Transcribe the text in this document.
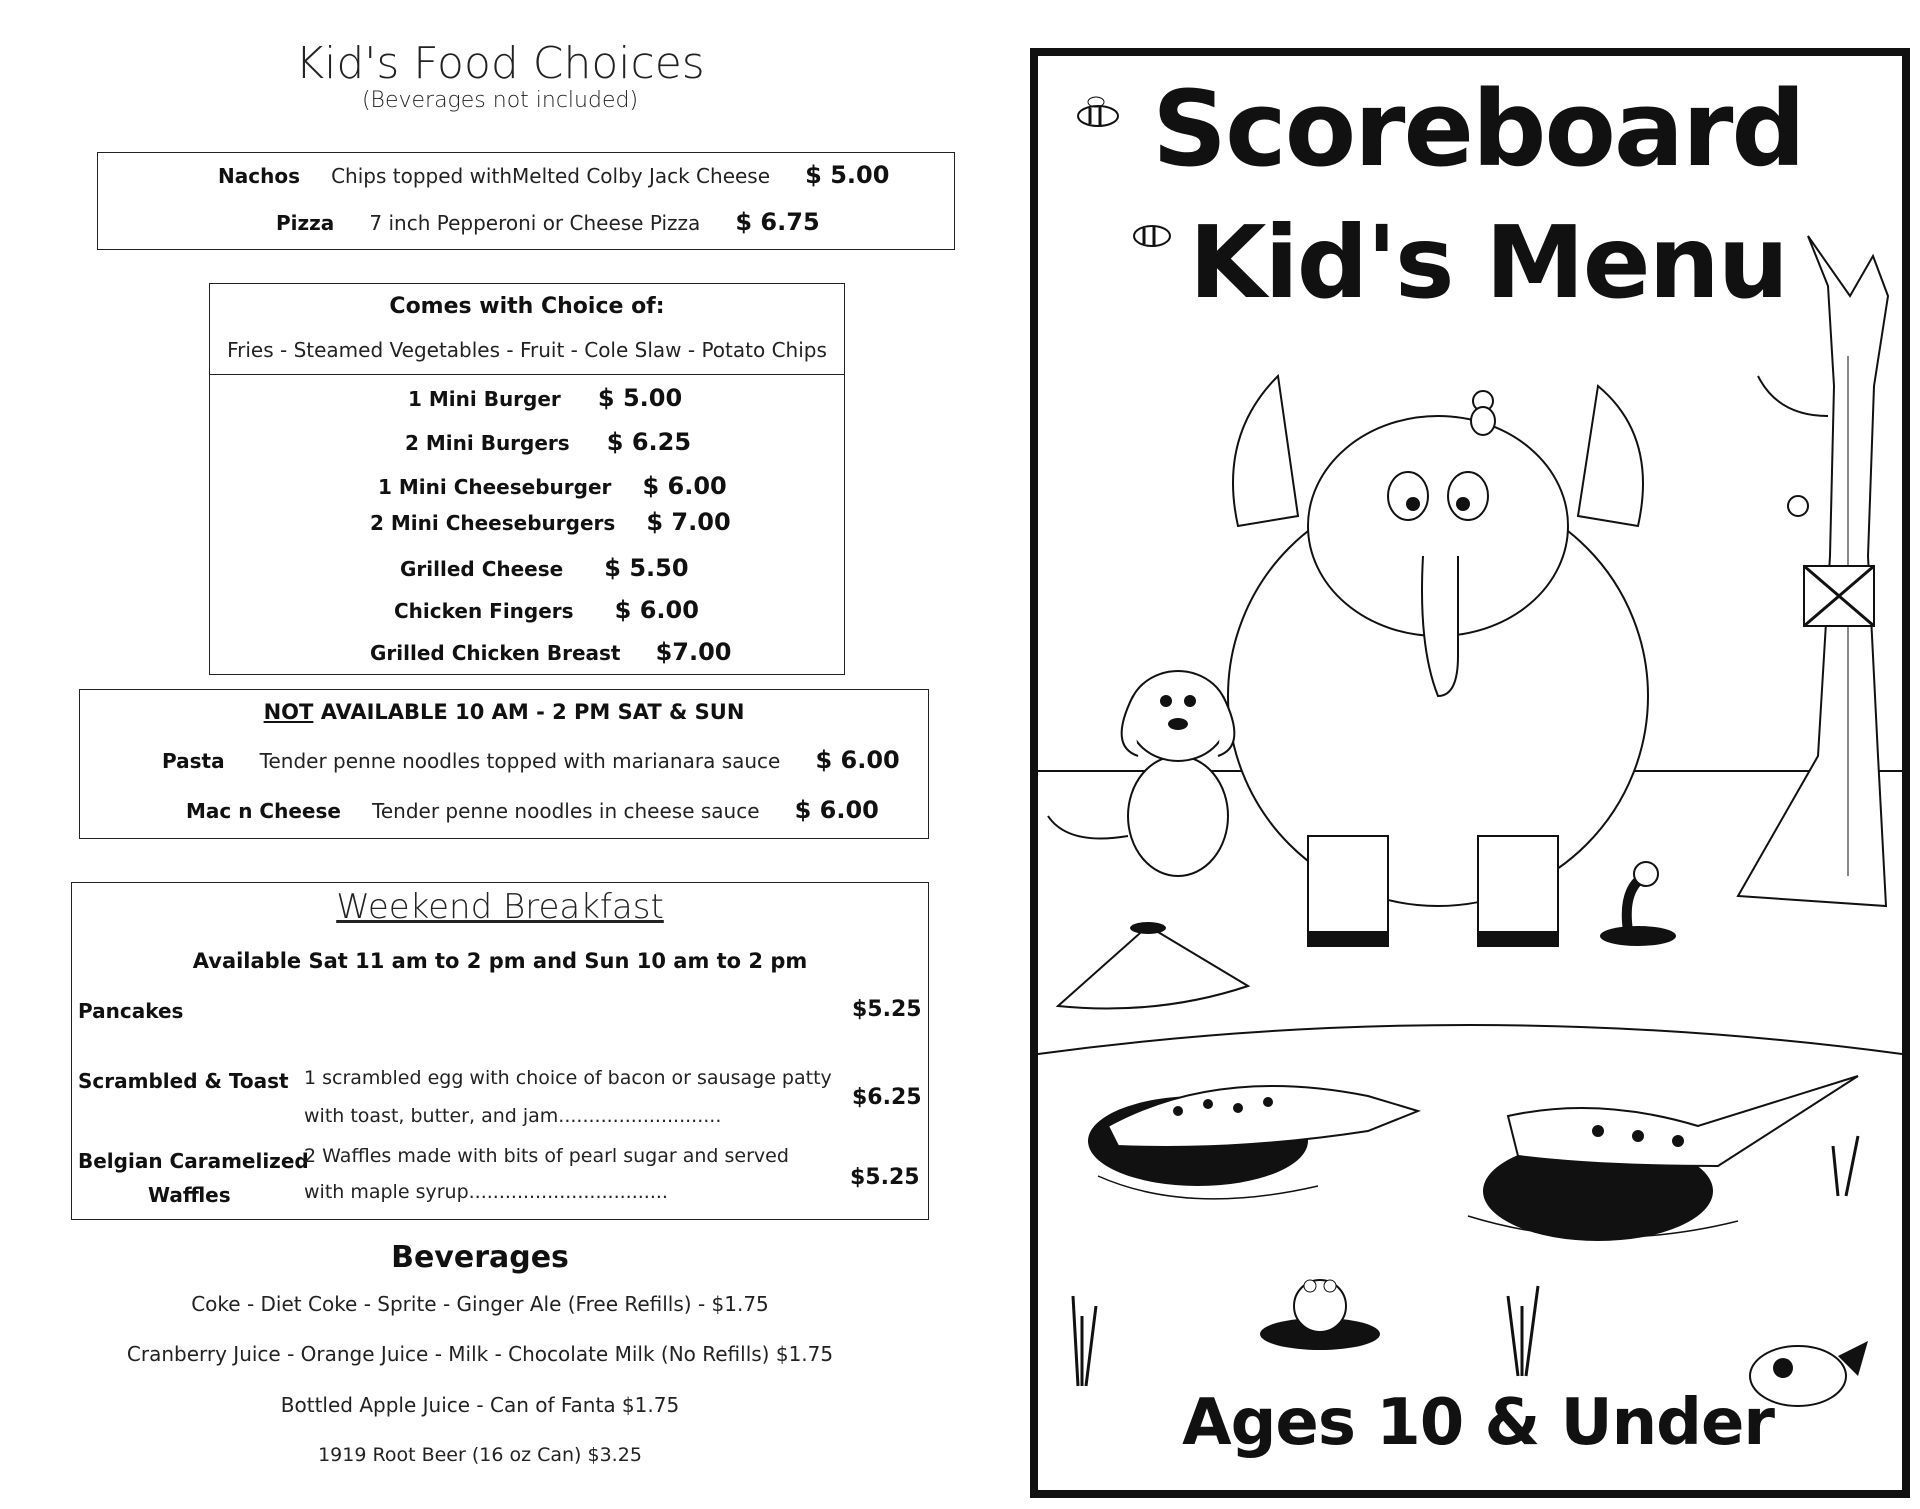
Kid's Food Choices
(Beverages not included)
Nachos Chips topped withMelted Colby Jack Cheese $ 5.00
Pizza 7 inch Pepperoni or Cheese Pizza $ 6.75
Comes with Choice of:
Fries - Steamed Vegetables - Fruit - Cole Slaw - Potato Chips
1 Mini Burger $ 5.00
2 Mini Burgers $ 6.25
1 Mini Cheeseburger $ 6.00
2 Mini Cheeseburgers $ 7.00
Grilled Cheese $ 5.50
Chicken Fingers $ 6.00
Grilled Chicken Breast $7.00
NOT AVAILABLE 10 AM - 2 PM SAT & SUN
Pasta Tender penne noodles topped with marianara sauce $ 6.00
Mac n Cheese Tender penne noodles in cheese sauce $ 6.00
Weekend Breakfast
Available Sat 11 am to 2 pm and Sun 10 am to 2 pm
Pancakes	$5.25
Scrambled & Toast 1 scrambled egg with choice of bacon or sausage patty
with toast, butter, and jam...........................
$6.25
Belgian Caramelized
Waffles
2 Waffles made with bits of pearl sugar and served
with maple syrup.................................
$5.25
Beverages
Coke - Diet Coke - Sprite - Ginger Ale (Free Refills) - $1.75
Cranberry Juice - Orange Juice - Milk - Chocolate Milk (No Refills) $1.75
Bottled Apple Juice - Can of Fanta $1.75
1919 Root Beer (16 oz Can) $3.25
Scoreboard
Kid's Menu
Ages 10 & Under
